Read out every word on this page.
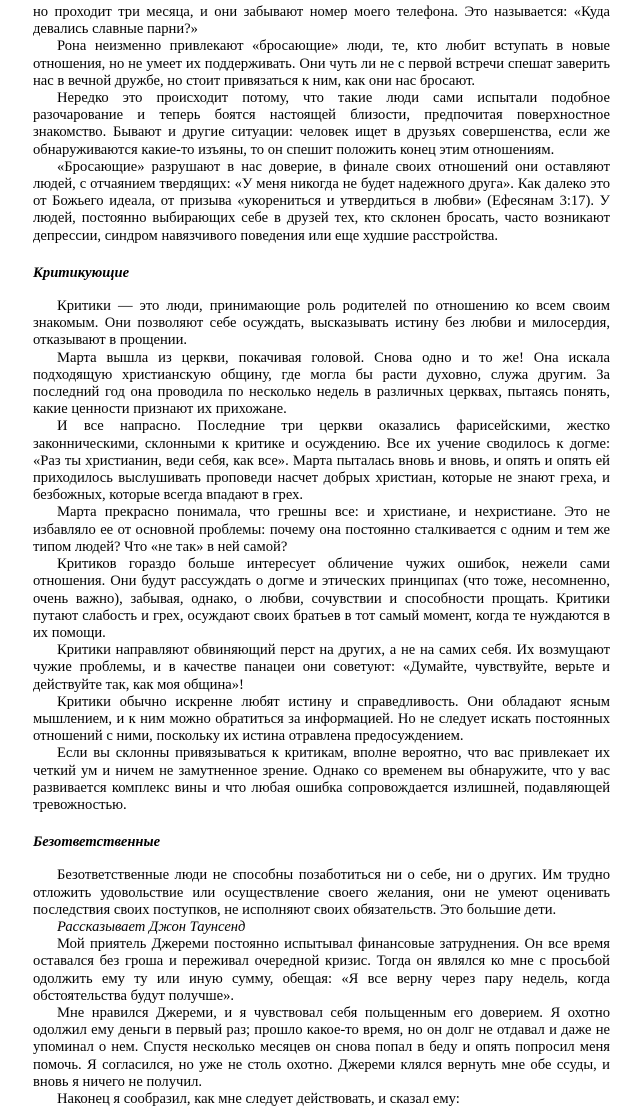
но проходит три месяца, и они забывают номер моего телефона. Это называется: «Куда девались славные парни?»

Рона неизменно привлекают «бросающие» люди, те, кто любит вступать в новые отношения, но не умеет их поддерживать. Они чуть ли не с первой встречи спешат заверить нас в вечной дружбе, но стоит привязаться к ним, как они нас бросают.

Нередко это происходит потому, что такие люди сами испытали подобное разочарование и теперь боятся настоящей близости, предпочитая поверхностное знакомство. Бывают и другие ситуации: человек ищет в друзьях совершенства, если же обнаруживаются какие-то изъяны, то он спешит положить конец этим отношениям.

«Бросающие» разрушают в нас доверие, в финале своих отношений они оставляют людей, с отчаянием твердящих: «У меня никогда не будет надежного друга». Как далеко это от Божьего идеала, от призыва «укорениться и утвердиться в любви» (Ефесянам 3:17). У людей, постоянно выбирающих себе в друзей тех, кто склонен бросать, часто возникают депрессии, синдром навязчивого поведения или еще худшие расстройства.

Критикующие

Критики — это люди, принимающие роль родителей по отношению ко всем своим знакомым. Они позволяют себе осуждать, высказывать истину без любви и милосердия, отказывают в прощении.

Марта вышла из церкви, покачивая головой. Снова одно и то же! Она искала подходящую христианскую общину, где могла бы расти духовно, служа другим. За последний год она проводила по несколько недель в различных церквах, пытаясь понять, какие ценности признают их прихожане.

И все напрасно. Последние три церкви оказались фарисейскими, жестко законническими, склонными к критике и осуждению. Все их учение сводилось к догме: «Раз ты христианин, веди себя, как все». Марта пыталась вновь и вновь, и опять и опять ей приходилось выслушивать проповеди насчет добрых христиан, которые не знают греха, и безбожных, которые всегда впадают в грех.

Марта прекрасно понимала, что грешны все: и христиане, и нехристиане. Это не избавляло ее от основной проблемы: почему она постоянно сталкивается с одним и тем же типом людей? Что «не так» в ней самой?

Критиков гораздо больше интересует обличение чужих ошибок, нежели сами отношения. Они будут рассуждать о догме и этических принципах (что тоже, несомненно, очень важно), забывая, однако, о любви, сочувствии и способности прощать. Критики путают слабость и грех, осуждают своих братьев в тот самый момент, когда те нуждаются в их помощи.

Критики направляют обвиняющий перст на других, а не на самих себя. Их возмущают чужие проблемы, и в качестве панацеи они советуют: «Думайте, чувствуйте, верьте и действуйте так, как моя община»!

Критики обычно искренне любят истину и справедливость. Они обладают ясным мышлением, и к ним можно обратиться за информацией. Но не следует искать постоянных отношений с ними, поскольку их истина отравлена предосуждением.

Если вы склонны привязываться к критикам, вполне вероятно, что вас привлекает их четкий ум и ничем не замутненное зрение. Однако со временем вы обнаружите, что у вас развивается комплекс вины и что любая ошибка сопровождается излишней, подавляющей тревожностью.

Безответственные

Безответственные люди не способны позаботиться ни о себе, ни о других. Им трудно отложить удовольствие или осуществление своего желания, они не умеют оценивать последствия своих поступков, не исполняют своих обязательств. Это большие дети.

Рассказывает Джон Таунсенд

Мой приятель Джереми постоянно испытывал финансовые затруднения. Он все время оставался без гроша и переживал очередной кризис. Тогда он являлся ко мне с просьбой одолжить ему ту или иную сумму, обещая: «Я все верну через пару недель, когда обстоятельства будут получше».

Мне нравился Джереми, и я чувствовал себя польщенным его доверием. Я охотно одолжил ему деньги в первый раз; прошло какое-то время, но он долг не отдавал и даже не упоминал о нем. Спустя несколько месяцев он снова попал в беду и опять попросил меня помочь. Я согласился, но уже не столь охотно. Джереми клялся вернуть мне обе ссуды, и вновь я ничего не получил.

Наконец я сообразил, как мне следует действовать, и сказал ему:
